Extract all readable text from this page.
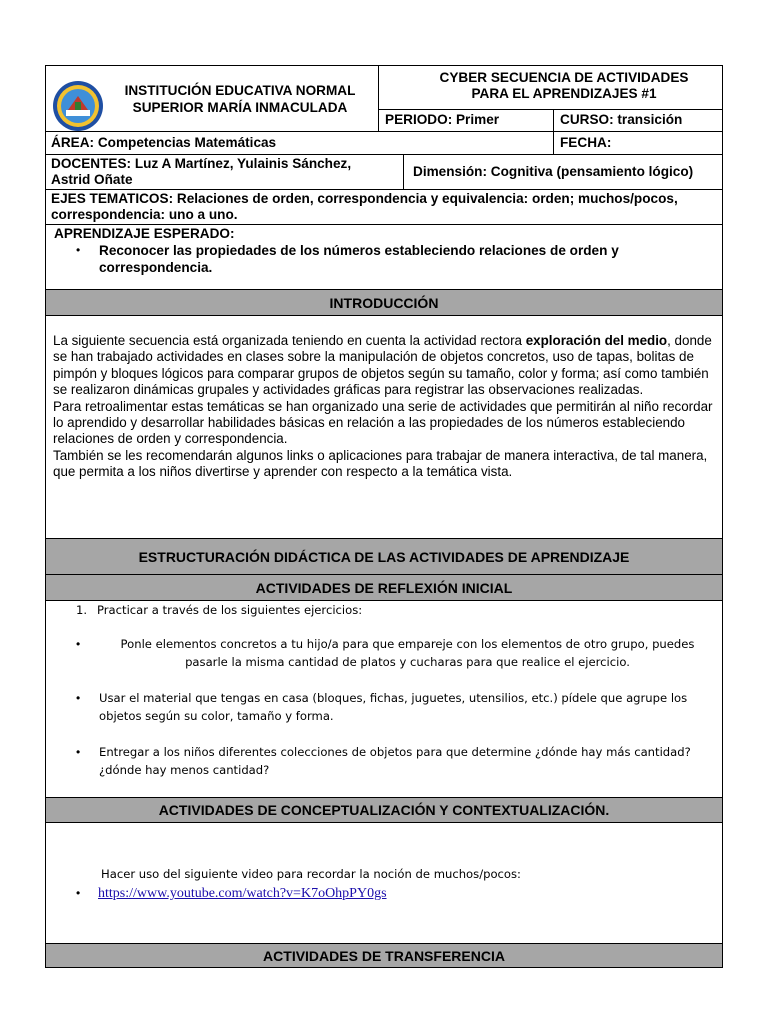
INSTITUCIÓN EDUCATIVA NORMAL SUPERIOR MARÍA INMACULADA
CYBER SECUENCIA DE ACTIVIDADES PARA EL APRENDIZAJES #1
PERIODO: Primer	CURSO: transición
ÁREA: Competencias Matemáticas	FECHA:
DOCENTES: Luz A Martínez, Yulainis Sánchez, Astrid Oñate
Dimensión: Cognitiva (pensamiento lógico)
EJES TEMATICOS: Relaciones de orden, correspondencia y equivalencia: orden; muchos/pocos, correspondencia: uno a uno.
APRENDIZAJE ESPERADO:
• Reconocer las propiedades de los números estableciendo relaciones de orden y correspondencia.
INTRODUCCIÓN
La siguiente secuencia está organizada teniendo en cuenta la actividad rectora exploración del medio, donde se han trabajado actividades en clases sobre la manipulación de objetos concretos, uso de tapas, bolitas de pimpón y bloques lógicos para comparar grupos de objetos según su tamaño, color y forma; así como también se realizaron dinámicas grupales y actividades gráficas para registrar las observaciones realizadas.
Para retroalimentar estas temáticas se han organizado una serie de actividades que permitirán al niño recordar lo aprendido y desarrollar habilidades básicas en relación a las propiedades de los números estableciendo relaciones de orden y correspondencia.
También se les recomendarán algunos links o aplicaciones para trabajar de manera interactiva, de tal manera, que permita a los niños divertirse y aprender con respecto a la temática vista.
ESTRUCTURACIÓN DIDÁCTICA DE LAS ACTIVIDADES DE APRENDIZAJE
ACTIVIDADES DE REFLEXIÓN INICIAL
1. Practicar a través de los siguientes ejercicios:
•	Ponle elementos concretos a tu hijo/a para que empareje con los elementos de otro grupo, puedes pasarle la misma cantidad de platos y cucharas para que realice el ejercicio.
• Usar el material que tengas en casa (bloques, fichas, juguetes, utensilios, etc.) pídele que agrupe los objetos según su color, tamaño y forma.
• Entregar a los niños diferentes colecciones de objetos para que determine ¿dónde hay más cantidad? ¿dónde hay menos cantidad?
ACTIVIDADES DE CONCEPTUALIZACIÓN Y CONTEXTUALIZACIÓN.
Hacer uso del siguiente video para recordar la noción de muchos/pocos:
• https://www.youtube.com/watch?v=K7oOhpPY0gs
ACTIVIDADES DE TRANSFERENCIA
